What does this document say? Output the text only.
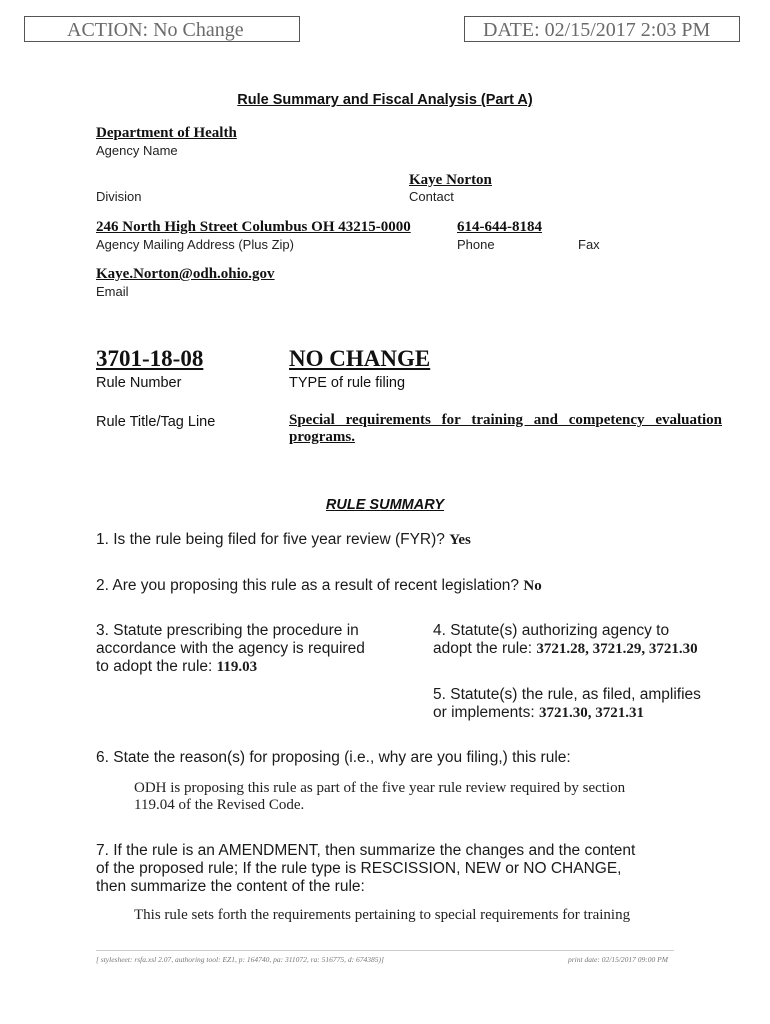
ACTION: No Change	DATE: 02/15/2017 2:03 PM
Rule Summary and Fiscal Analysis (Part A)
Department of Health
Agency Name
Kaye Norton
Division	Contact
246 North High Street Columbus OH 43215-0000	614-644-8184
Agency Mailing Address (Plus Zip)	Phone	Fax
Kaye.Norton@odh.ohio.gov
Email
3701-18-08	NO CHANGE
Rule Number	TYPE of rule filing
Rule Title/Tag Line	Special requirements for training and competency evaluation
programs.
RULE SUMMARY
1. Is the rule being filed for five year review (FYR)? Yes
2. Are you proposing this rule as a result of recent legislation? No
3. Statute prescribing the procedure in
accordance with the agency is required
to adopt the rule: 119.03
4. Statute(s) authorizing agency to
adopt the rule: 3721.28, 3721.29, 3721.30
5. Statute(s) the rule, as filed, amplifies
or implements: 3721.30, 3721.31
6. State the reason(s) for proposing (i.e., why are you filing,) this rule:
ODH is proposing this rule as part of the five year rule review required by section
119.04 of the Revised Code.
7. If the rule is an AMENDMENT, then summarize the changes and the content
of the proposed rule; If the rule type is RESCISSION, NEW or NO CHANGE,
then summarize the content of the rule:
This rule sets forth the requirements pertaining to special requirements for training
[ stylesheet: rsfa.xsl 2.07, authoring tool: EZ1, p: 164740, pa: 311072, ra: 516775, d: 674385)]	print date: 02/15/2017 09:00 PM
